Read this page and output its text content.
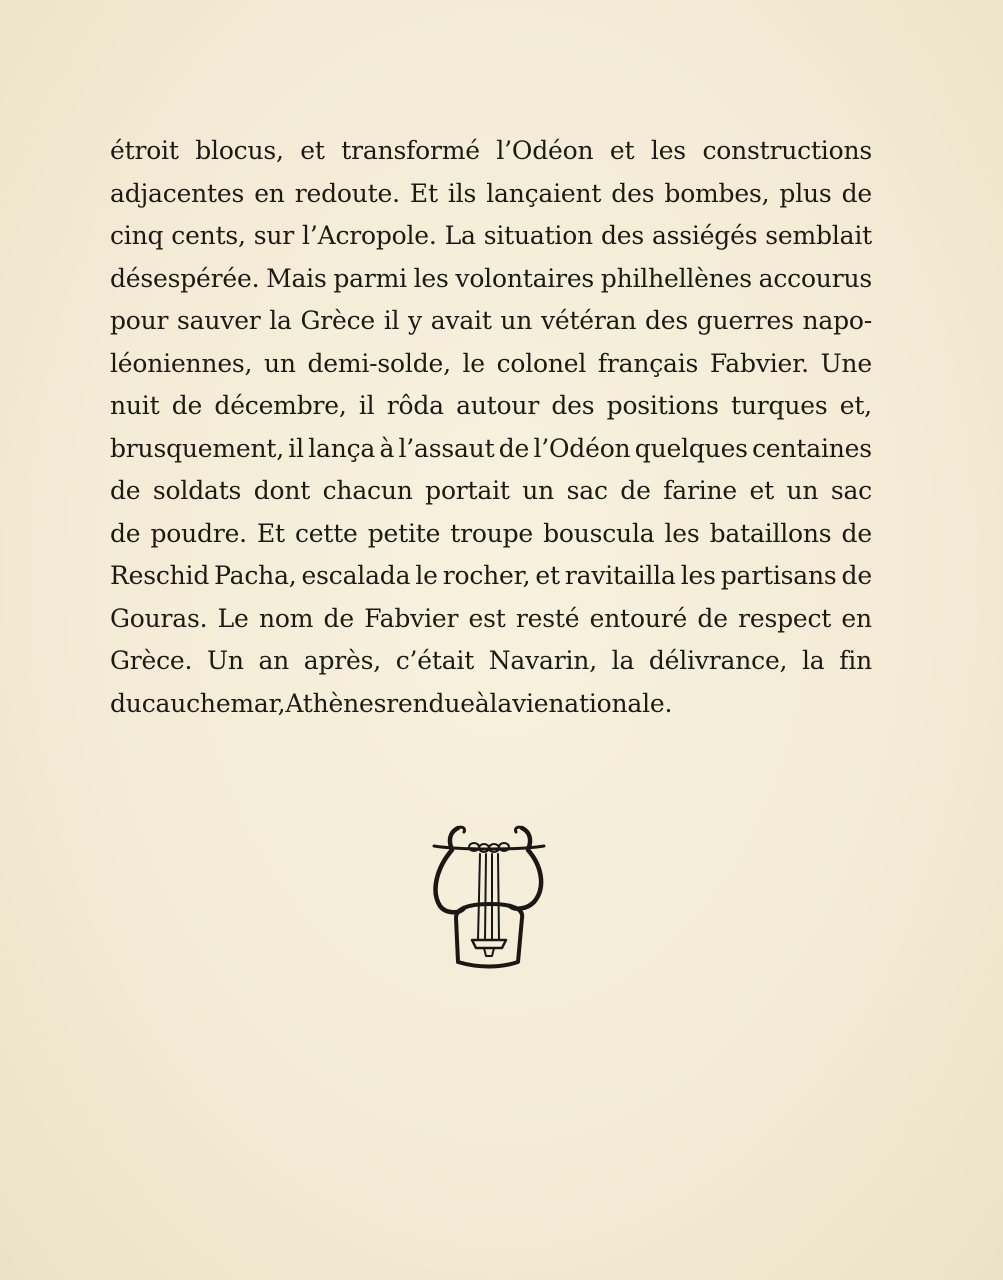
étroit blocus, et transformé l’Odéon et les constructions
adjacentes en redoute. Et ils lançaient des bombes, plus de
cinq cents, sur l’Acropole. La situation des assiégés semblait
désespérée. Mais parmi les volontaires philhellènes accourus
pour sauver la Grèce il y avait un vétéran des guerres napo-
léoniennes, un demi-solde, le colonel français Fabvier. Une
nuit de décembre, il rôda autour des positions turques et,
brusquement, il lança à l’assaut de l’Odéon quelques centaines
de soldats dont chacun portait un sac de farine et un sac
de poudre. Et cette petite troupe bouscula les bataillons de
Reschid Pacha, escalada le rocher, et ravitailla les partisans de
Gouras. Le nom de Fabvier est resté entouré de respect en
Grèce. Un an après, c’était Navarin, la délivrance, la fin
du cauchemar, Athènes rendue à la vie nationale.
